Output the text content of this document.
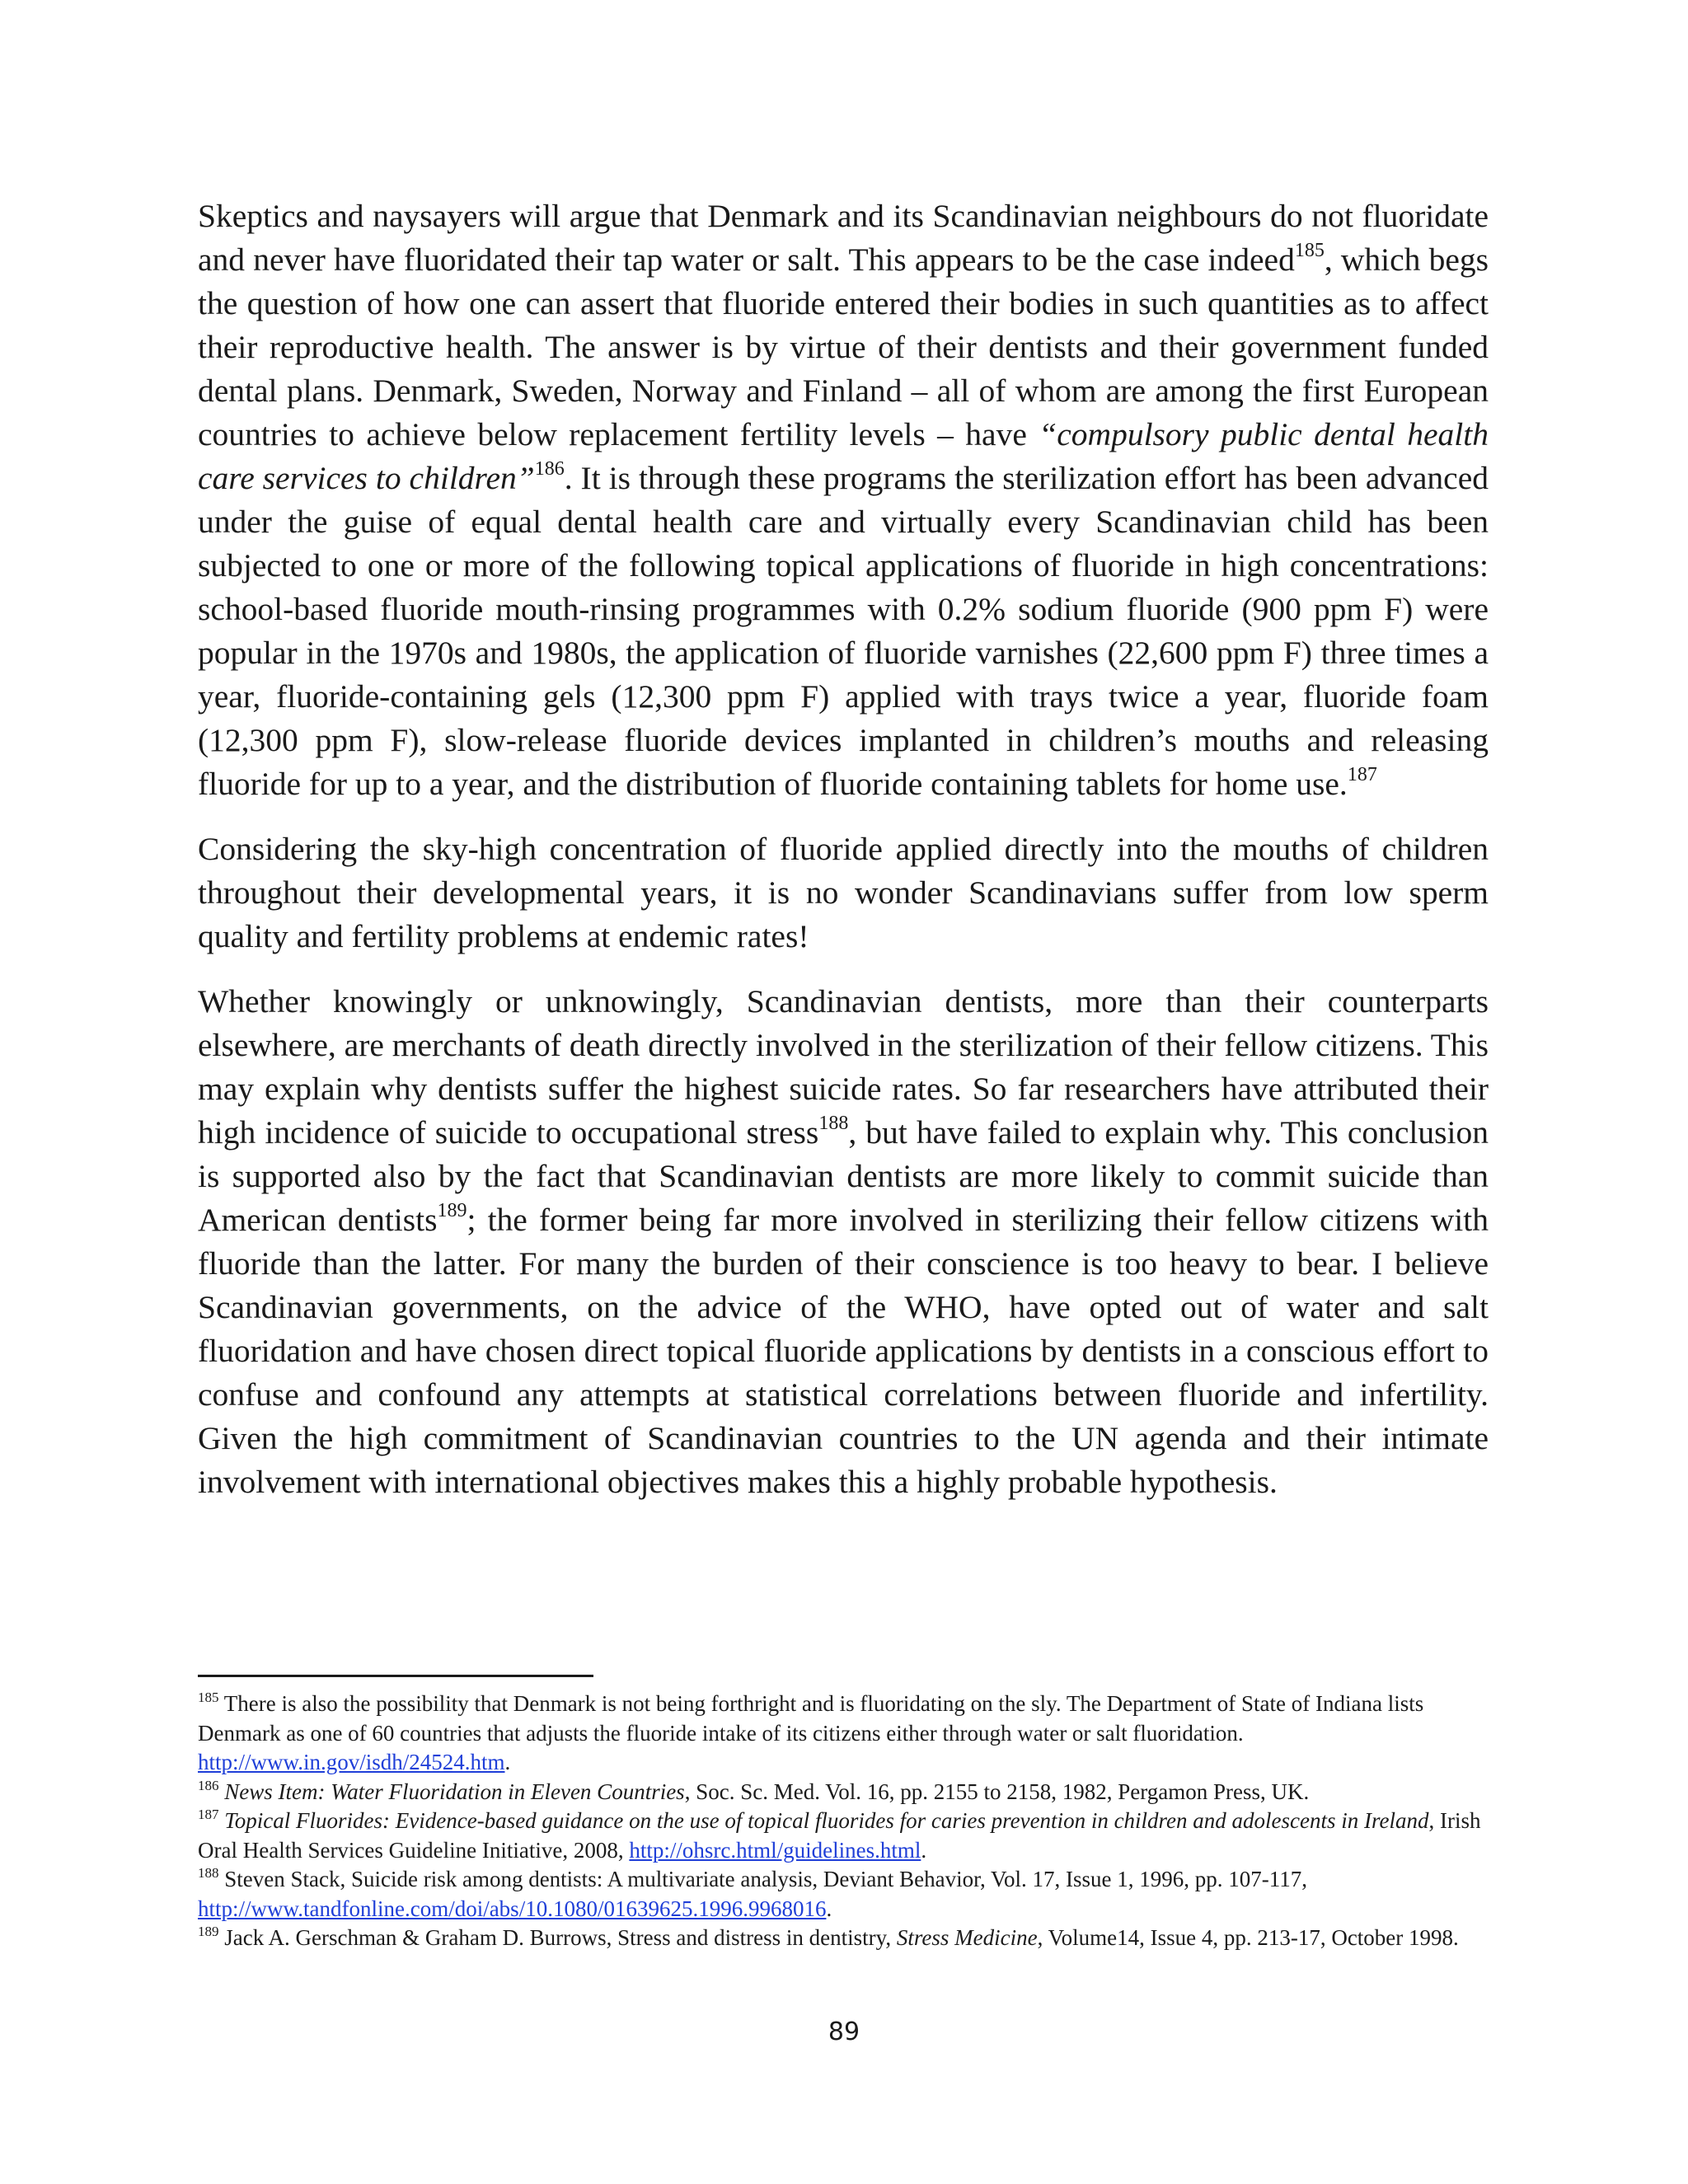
Skeptics and naysayers will argue that Denmark and its Scandinavian neighbours do not fluoridate and never have fluoridated their tap water or salt. This appears to be the case indeed$^{185}$, which begs the question of how one can assert that fluoride entered their bodies in such quantities as to affect their reproductive health. The answer is by virtue of their dentists and their government funded dental plans. Denmark, Sweden, Norway and Finland – all of whom are among the first European countries to achieve below replacement fertility levels – have “compulsory public dental health care services to children”$^{186}$. It is through these programs the sterilization effort has been advanced under the guise of equal dental health care and virtually every Scandinavian child has been subjected to one or more of the following topical applications of fluoride in high concentrations: school-based fluoride mouth-rinsing programmes with 0.2% sodium fluoride (900 ppm F) were popular in the 1970s and 1980s, the application of fluoride varnishes (22,600 ppm F) three times a year, fluoride-containing gels (12,300 ppm F) applied with trays twice a year, fluoride foam (12,300 ppm F), slow-release fluoride devices implanted in children’s mouths and releasing fluoride for up to a year, and the distribution of fluoride containing tablets for home use.$^{187}$

Considering the sky-high concentration of fluoride applied directly into the mouths of children throughout their developmental years, it is no wonder Scandinavians suffer from low sperm quality and fertility problems at endemic rates!

Whether knowingly or unknowingly, Scandinavian dentists, more than their counterparts elsewhere, are merchants of death directly involved in the sterilization of their fellow citizens. This may explain why dentists suffer the highest suicide rates. So far researchers have attributed their high incidence of suicide to occupational stress$^{188}$, but have failed to explain why. This conclusion is supported also by the fact that Scandinavian dentists are more likely to commit suicide than American dentists$^{189}$; the former being far more involved in sterilizing their fellow citizens with fluoride than the latter. For many the burden of their conscience is too heavy to bear. I believe Scandinavian governments, on the advice of the WHO, have opted out of water and salt fluoridation and have chosen direct topical fluoride applications by dentists in a conscious effort to confuse and confound any attempts at statistical correlations between fluoride and infertility. Given the high commitment of Scandinavian countries to the UN agenda and their intimate involvement with international objectives makes this a highly probable hypothesis.

$^{185}$ There is also the possibility that Denmark is not being forthright and is fluoridating on the sly. The Department of State of Indiana lists Denmark as one of 60 countries that adjusts the fluoride intake of its citizens either through water or salt fluoridation. http://www.in.gov/isdh/24524.htm.

$^{186}$ News Item: Water Fluoridation in Eleven Countries, Soc. Sc. Med. Vol. 16, pp. 2155 to 2158, 1982, Pergamon Press, UK.

$^{187}$ Topical Fluorides: Evidence-based guidance on the use of topical fluorides for caries prevention in children and adolescents in Ireland, Irish Oral Health Services Guideline Initiative, 2008, http://ohsrc.html/guidelines.html.

$^{188}$ Steven Stack, Suicide risk among dentists: A multivariate analysis, Deviant Behavior, Vol. 17, Issue 1, 1996, pp. 107-117, http://www.tandfonline.com/doi/abs/10.1080/01639625.1996.9968016.

$^{189}$ Jack A. Gerschman & Graham D. Burrows, Stress and distress in dentistry, Stress Medicine, Volume14, Issue 4, pp. 213-17, October 1998.

89
